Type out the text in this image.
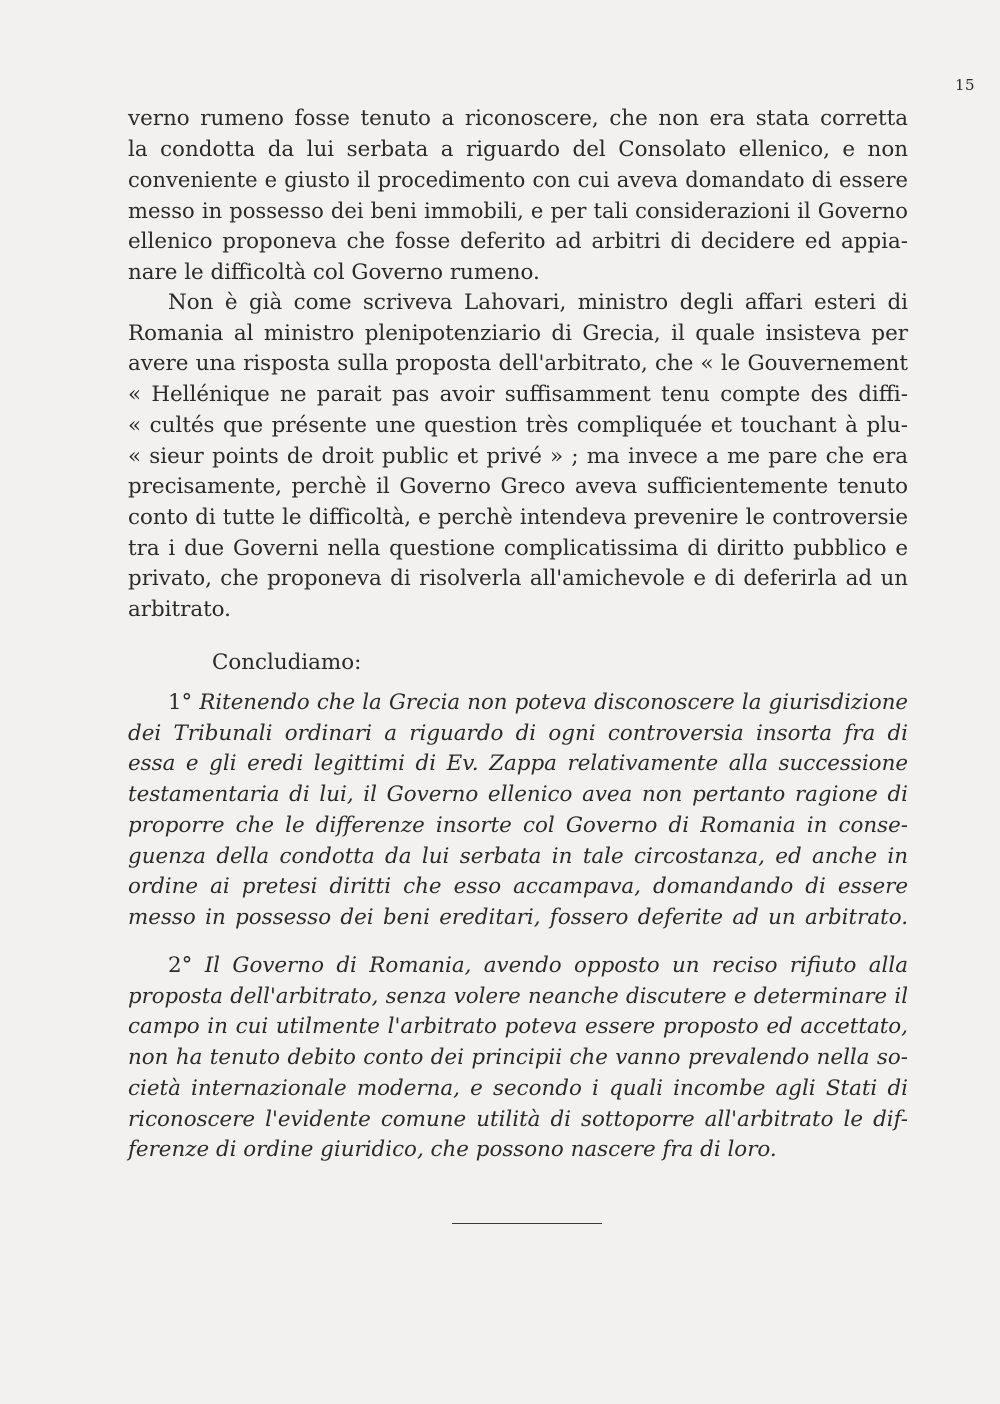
15
verno rumeno fosse tenuto a riconoscere, che non era stata corretta
la condotta da lui serbata a riguardo del Consolato ellenico, e non
conveniente e giusto il procedimento con cui aveva domandato di essere
messo in possesso dei beni immobili, e per tali considerazioni il Governo
ellenico proponeva che fosse deferito ad arbitri di decidere ed appia-
nare le difficoltà col Governo rumeno.
Non è già come scriveva Lahovari, ministro degli affari esteri di
Romania al ministro plenipotenziario di Grecia, il quale insisteva per
avere una risposta sulla proposta dell'arbitrato, che « le Gouvernement
« Hellénique ne parait pas avoir suffisamment tenu compte des diffi-
« cultés que présente une question très compliquée et touchant à plu-
« sieur points de droit public et privé » ; ma invece a me pare che era
precisamente, perchè il Governo Greco aveva sufficientemente tenuto
conto di tutte le difficoltà, e perchè intendeva prevenire le controversie
tra i due Governi nella questione complicatissima di diritto pubblico e
privato, che proponeva di risolverla all'amichevole e di deferirla ad un
arbitrato.
Concludiamo:
1° Ritenendo che la Grecia non poteva disconoscere la giurisdizione
dei Tribunali ordinari a riguardo di ogni controversia insorta fra di
essa e gli eredi legittimi di Ev. Zappa relativamente alla successione
testamentaria di lui, il Governo ellenico avea non pertanto ragione di
proporre che le differenze insorte col Governo di Romania in conse-
guenza della condotta da lui serbata in tale circostanza, ed anche in
ordine ai pretesi diritti che esso accampava, domandando di essere
messo in possesso dei beni ereditari, fossero deferite ad un arbitrato.
2° Il Governo di Romania, avendo opposto un reciso rifiuto alla
proposta dell'arbitrato, senza volere neanche discutere e determinare il
campo in cui utilmente l'arbitrato poteva essere proposto ed accettato,
non ha tenuto debito conto dei principii che vanno prevalendo nella so-
cietà internazionale moderna, e secondo i quali incombe agli Stati di
riconoscere l'evidente comune utilità di sottoporre all'arbitrato le dif-
ferenze di ordine giuridico, che possono nascere fra di loro.
